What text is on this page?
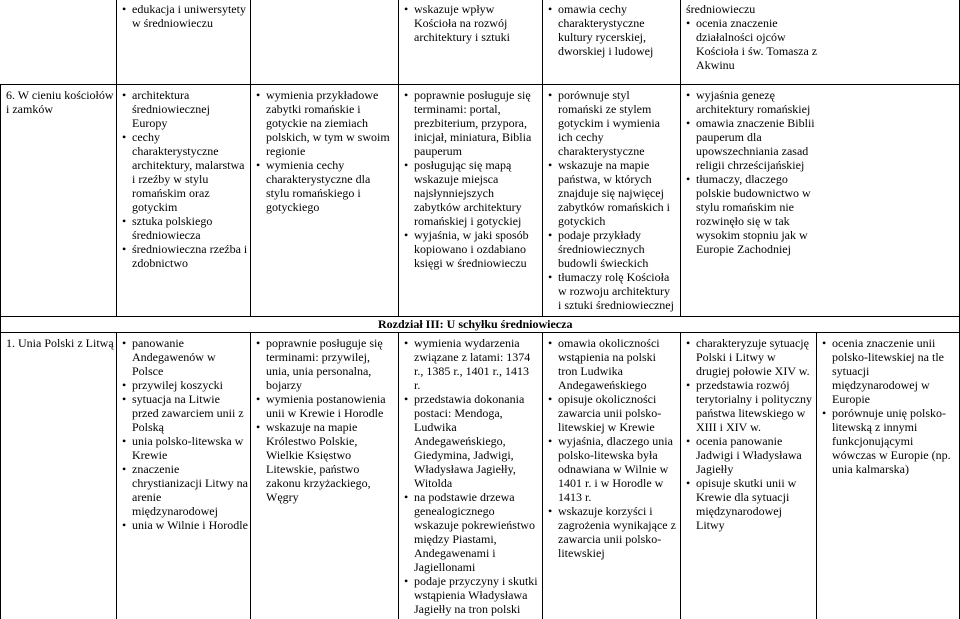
• edukacja i uniwersytety w średniowieczu
• wskazuje wpływ Kościoła na rozwój architektury i sztuki
• omawia cechy charakterystyczne kultury rycerskiej, dworskiej i ludowej
średniowieczu
• ocenia znaczenie działalności ojców Kościoła i św. Tomasza z Akwinu
6. W cieniu kościołów i zamków
• architektura średniowiecznej Europy
• cechy charakterystyczne architektury, malarstwa i rzeźby w stylu romańskim oraz gotyckim
• sztuka polskiego średniowiecza
• średniowieczna rzeźba i zdobnictwo
• wymienia przykładowe zabytki romańskie i gotyckie na ziemiach polskich, w tym w swoim regionie
• wymienia cechy charakterystyczne dla stylu romańskiego i gotyckiego
• poprawnie posługuje się terminami: portal, prezbiterium, przypora, inicjał, miniatura, Biblia pauperum
• posługując się mapą wskazuje miejsca najsłynniejszych zabytków architektury romańskiej i gotyckiej
• wyjaśnia, w jaki sposób kopiowano i ozdabiano księgi w średniowieczu
• porównuje styl romański ze stylem gotyckim i wymienia ich cechy charakterystyczne
• wskazuje na mapie państwa, w których znajduje się najwięcej zabytków romańskich i gotyckich
• podaje przykłady średniowiecznych budowli świeckich
• tłumaczy rolę Kościoła w rozwoju architektury i sztuki średniowiecznej
• wyjaśnia genezę architektury romańskiej
• omawia znaczenie Biblii pauperum dla upowszechniania zasad religii chrześcijańskiej
• tłumaczy, dlaczego polskie budownictwo w stylu romańskim nie rozwinęło się w tak wysokim stopniu jak w Europie Zachodniej
Rozdział III: U schyłku średniowiecza
1. Unia Polski z Litwą
•	panowanie Andegawenów w Polsce
• przywilej koszycki
• sytuacja na Litwie przed zawarciem unii z Polską
• unia polsko-litewska w Krewie
• znaczenie chrystianizacji Litwy na arenie międzynarodowej
• unia w Wilnie i Horodle
• poprawnie posługuje się terminami: przywilej, unia, unia personalna, bojarzy
• wymienia postanowienia unii w Krewie i Horodle
• wskazuje na mapie Królestwo Polskie, Wielkie Księstwo Litewskie, państwo zakonu krzyżackiego, Węgry
• wymienia wydarzenia związane z latami: 1374 r., 1385 r., 1401 r., 1413 r.
• przedstawia dokonania postaci: Mendoga, Ludwika Andegaweńskiego, Giedymina, Jadwigi, Władysława Jagiełły, Witolda
• na podstawie drzewa genealogicznego wskazuje pokrewieństwo między Piastami, Andegawenami i Jagiellonami
• podaje przyczyny i skutki wstąpienia Władysława Jagiełły na tron polski
• omawia okoliczności wstąpienia na polski tron Ludwika Andegaweńskiego
• opisuje okoliczności zawarcia unii polsko-litewskiej w Krewie
• wyjaśnia, dlaczego unia polsko-litewska była odnawiana w Wilnie w 1401 r. i w Horodle w 1413 r.
• wskazuje korzyści i zagrożenia wynikające z zawarcia unii polsko-litewskiej
• charakteryzuje sytuację Polski i Litwy w drugiej połowie XIV w.
• przedstawia rozwój terytorialny i polityczny państwa litewskiego w XIII i XIV w.
• ocenia panowanie Jadwigi i Władysława Jagiełły
• opisuje skutki unii w Krewie dla sytuacji międzynarodowej Litwy
• ocenia znaczenie unii polsko-litewskiej na tle sytuacji międzynarodowej w Europie
• porównuje unię polsko-litewską z innymi funkcjonującymi wówczas w Europie (np. unia kalmarska)
